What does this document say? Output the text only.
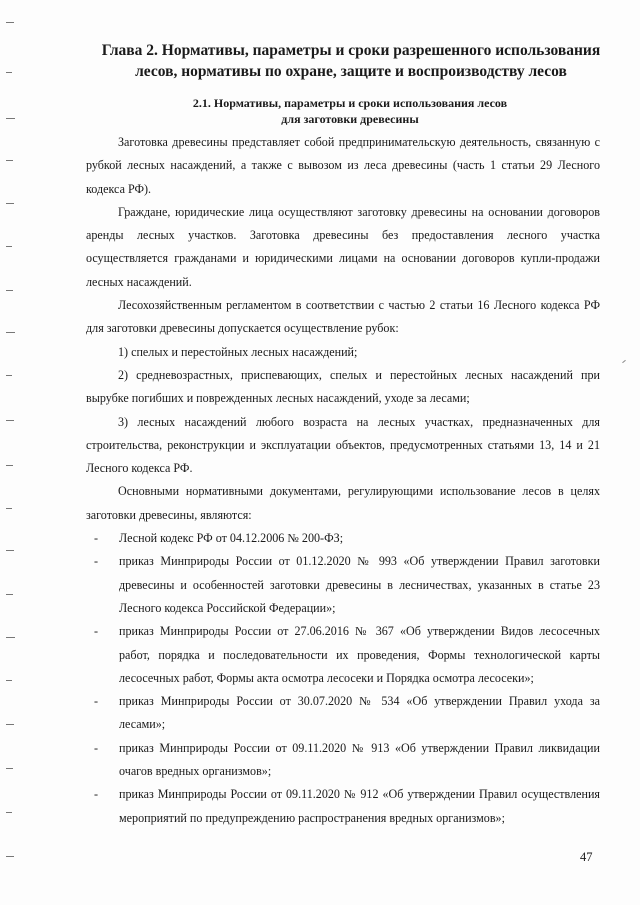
Глава 2. Нормативы, параметры и сроки разрешенного использования
лесов, нормативы по охране, защите и воспроизводству лесов
2.1. Нормативы, параметры и сроки использования лесов
для заготовки древесины

Заготовка древесины представляет собой предпринимательскую деятельность, связанную с рубкой лесных насаждений, а также с вывозом из леса древесины (часть 1 статьи 29 Лесного кодекса РФ).

Граждане, юридические лица осуществляют заготовку древесины на основании договоров аренды лесных участков. Заготовка древесины без предоставления лесного участка осуществляется гражданами и юридическими лицами на основании договоров купли-продажи лесных насаждений.

Лесохозяйственным регламентом в соответствии с частью 2 статьи 16 Лесного кодекса РФ для заготовки древесины допускается осуществление рубок:

1) спелых и перестойных лесных насаждений;

2) средневозрастных, приспевающих, спелых и перестойных лесных насаждений при вырубке погибших и поврежденных лесных насаждений, уходе за лесами;

3) лесных насаждений любого возраста на лесных участках, предназначенных для строительства, реконструкции и эксплуатации объектов, предусмотренных статьями 13, 14 и 21 Лесного кодекса РФ.

Основными нормативными документами, регулирующими использование лесов в целях заготовки древесины, являются:

- Лесной кодекс РФ от 04.12.2006 № 200-ФЗ;
- приказ Минприроды России от 01.12.2020 № 993 «Об утверждении Правил заготовки древесины и особенностей заготовки древесины в лесничествах, указанных в статье 23 Лесного кодекса Российской Федерации»;
- приказ Минприроды России от 27.06.2016 № 367 «Об утверждении Видов лесосечных работ, порядка и последовательности их проведения, Формы технологической карты лесосечных работ, Формы акта осмотра лесосеки и Порядка осмотра лесосеки»;
- приказ Минприроды России от 30.07.2020 № 534 «Об утверждении Правил ухода за лесами»;
- приказ Минприроды России от 09.11.2020 № 913 «Об утверждении Правил ликвидации очагов вредных организмов»;
- приказ Минприроды России от 09.11.2020 № 912 «Об утверждении Правил осуществления мероприятий по предупреждению распространения вредных организмов»;
47
